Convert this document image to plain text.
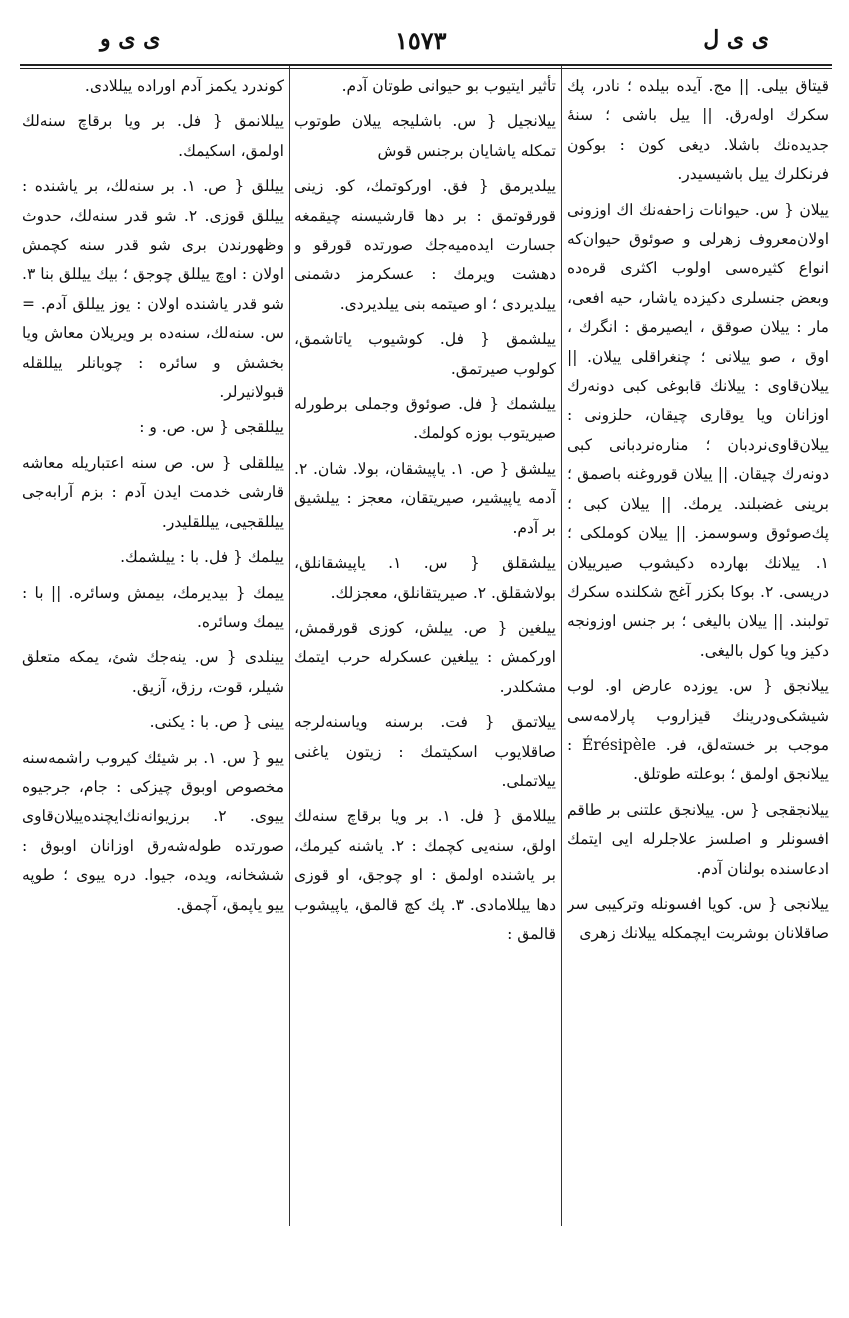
ی ی ل
١٥٧٣
ی ی و

قیتاق بیلی. || مج. آیده بیلده ؛ نادر، پك سکرك اوله‌رق. || ییل باشی ؛ سنهٔ جدیده‌نك باشلا. دیغی کون : بوکون فرنکلرك ییل باشیسیدر.

ییلان { س. حیوانات زاحفه‌نك اك اوزونی اولان‌معروف زهرلی و صوئوق حیوان‌که انواع کثیره‌سی اولوب اکثری قره‌ده وبعض جنسلری دکیزده یاشار، حیه افعی، مار : ییلان صوقق ، ایصیرمق : انگرك ، اوق ، صو ییلانی ؛ چنغراقلی ییلان. || ییلان‌قاوی : ییلانك قابوغی کبی دونه‌رك اوزانان ویا یوقاری چیقان، حلزونی : ییلان‌قاوی‌نردبان ؛ مناره‌نردبانی کبی دونه‌رك چیقان. || ییلان قوروغنه باصمق ؛ برینی غضبلند. یرمك. || ییلان کبی ؛ پك‌صوئوق وسوسمز. || ییلان کوملکی ؛ ١. ییلانك بهارده دکیشوب صیرییلان دریسی. ٢. بوکا بکزر آغج شکلنده سکرك تولبند. || ییلان بالیغی ؛ بر جنس اوزونجه دکیز ویا کول بالیغی.

ییلانجق { س. یوزده عارض او. لوب شیشکی‌ودرینك قیزاروب پارلامه‌سی موجب بر خسته‌لق، فر. Érésipèle : ییلانجق اولمق ؛ بوعلته طوتلق.

ییلانجقجی { س. ییلانجق علتنی بر طاقم افسونلر و اصلسز علاجلرله ایی ایتمك ادعاسنده بولنان آدم.

ییلانجی { س. کویا افسونله وترکیبی سر صاقلانان بوشربت ایچمکله ییلانك زهری

تأثیر ایتیوب بو حیوانی طوتان آدم.

ییلانجیل { س. باشلیجه ییلان طوتوب تمکله یاشایان برجنس قوش

ییلدیرمق { فق. اورکوتمك، کو. زینی قورقوتمق : بر دها قارشیسنه چیقمغه جسارت ایده‌میه‌جك صورتده قورقو و دهشت ویرمك : عسکرمز دشمنی ییلدیردی ؛ او صیتمه بنی ییلدیردی.

ییلشمق { فل. کوشیوب یاتاشمق، کولوب صیرتمق.

ییلشمك { فل. صوئوق وجملی برطورله صیریتوب بوزه کولمك.

ییلشق { ص. ١. یاپیشقان، بولا. شان. ٢. آدمه یاپیشیر، صیریتقان، معجز : ییلشیق بر آدم.

ییلشقلق { س. ١. یاپیشقانلق، بولاشقلق. ٢. صیریتقانلق، معجزلك.

ییلغین { ص. ییلش، کوزی قورقمش، اورکمش : ییلغین عسکرله حرب ایتمك مشکلدر.

ییلاتمق { فت. برسنه ویاسنه‌لرجه صاقلایوب اسکیتمك : زیتون یاغنی ییلاتملی.

ییللامق { فل. ١. بر ویا برقاچ سنه‌لك اولق، سنه‌یی کچمك : ٢. یاشنه کیرمك، بر یاشنده اولمق : او چوجق، او قوزی دها ییللامادی. ٣. پك کچ قالمق، یاپیشوب قالمق :

کوندرد یکمز آدم اوراده ییللادی.

ییللانمق { فل. بر ویا برقاچ سنه‌لك اولمق، اسکیمك.

ییللق { ص. ١. بر سنه‌لك، بر یاشنده : ییللق قوزی. ٢. شو قدر سنه‌لك، حدوث وظهورندن بری شو قدر سنه کچمش اولان : اوچ ییللق چوجق ؛ بیك ییللق بنا ٣. شو قدر یاشنده اولان : یوز ییللق آدم. = س. سنه‌لك، سنه‌ده بر ویریلان معاش ویا بخشش و سائره : چوبانلر ییللقله قبولانیرلر.

ییللقجی { س. ص. و :

ییللقلی { س. ص سنه اعتباریله معاشه قارشی خدمت ایدن آدم : بزم آرابه‌جی ییللقجیی، ییللقلیدر.

ییلمك { فل. با : ییلشمك.

ییمك { بیدیرمك، بیمش وسائره. || با : ییمك وسائره.

یینلدی { س. ینه‌جك شئ، یمکه متعلق شیلر، قوت، رزق، آزیق.

یینی { ص. با : یکنی.

ییو { س. ١. بر شیئك کیروب راشمه‌سنه مخصوص اوبوق چیزکی : جام، جرجیوه ییوی. ٢. برزیوانه‌نك‌ایچنده‌ییلان‌قاوی صورتده طوله‌شه‌رق اوزانان اوبوق : ششخانه، ویده، جیوا. دره ییوی ؛ طوپه ییو یاپمق، آچمق.
